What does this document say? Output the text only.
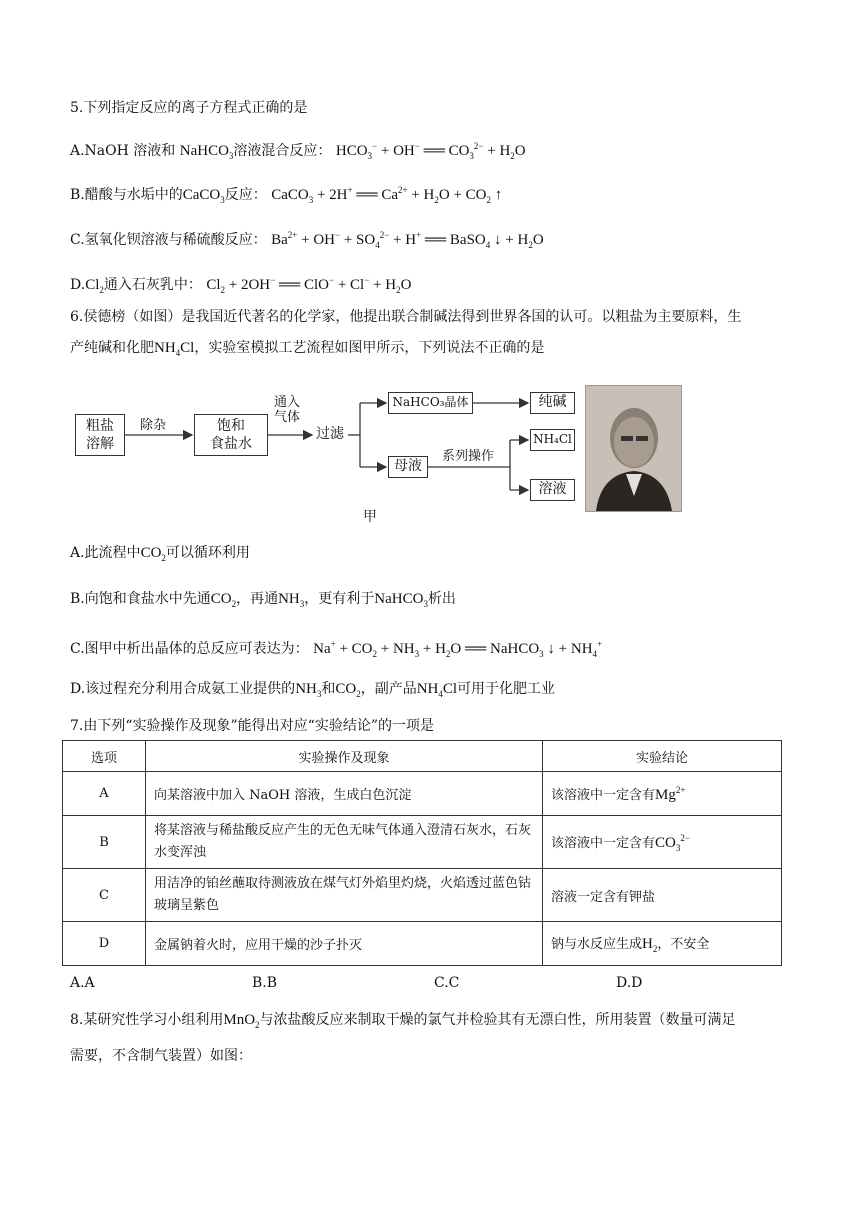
5.下列指定反应的离子方程式正确的是
A.NaOH 溶液和 NaHCO$_3$溶液混合反应： $HCO_3^- + OH^-$ ══ $CO_3^{2-} + H_2O$
B.醋酸与水垢中的CaCO$_3$反应： CaCO$_3$ + 2H+ ══ $Ca^{2+} + H_2O + CO_2$ ↑
C.氢氧化钡溶液与稀硫酸反应： $Ba^{2+} + OH^- + SO_4^{2-} + H^+$ ══ BaSO$_4$ ↓ + $H_2O$
$D.Cl_2$通入石灰乳中： $Cl_2 + 2OH^-$ ══ $ClO^- + Cl^- + H_2O$
6.侯德榜（如图）是我国近代著名的化学家，他提出联合制碱法得到世界各国的认可。以粗盐为主要原料，生
产纯碱和化肥$NH_4Cl$，实验室模拟工艺流程如图甲所示，下列说法不正确的是
粗盐
溶解
除杂	饱和
食盐水
通入
气体
过滤
NaHCO₃晶体	纯碱
母液
系列操作
NH₄Cl
溶液
甲
A.此流程中$CO_2$可以循环利用
B.向饱和食盐水中先通$CO_2$，再通$NH_3$，更有利于NaHCO$_3$析出
C.图甲中析出晶体的总反应可表达为： $Na^+ + CO_2 + NH_3 + H_2O$ ══ NaHCO$_3$ ↓ + $NH_4^+$
D.该过程充分利用合成氨工业提供的$NH_3$和$CO_2$，副产品$NH_4Cl$可用于化肥工业
7.由下列“实验操作及现象”能得出对应“实验结论”的一项是
选项	实验操作及现象	实验结论
A	向某溶液中加入 NaOH 溶液，生成白色沉淀	该溶液中一定含有$Mg^{2+}$
B	将某溶液与稀盐酸反应产生的无色无味气体通入澄清石灰水，石灰水变浑浊	该溶液中一定含有$CO_3^{2-}$
C	用洁净的铂丝蘸取待测液放在煤气灯外焰里灼烧，火焰透过蓝色钴玻璃呈紫色	溶液一定含有钾盐
D	金属钠着火时，应用干燥的沙子扑灭	钠与水反应生成$H_2$，不安全
A.A	B.B	C.C	D.D
8.某研究性学习小组利用MnO$_2$与浓盐酸反应来制取干燥的氯气并检验其有无漂白性，所用装置（数量可满足
需要，不含制气装置）如图：
